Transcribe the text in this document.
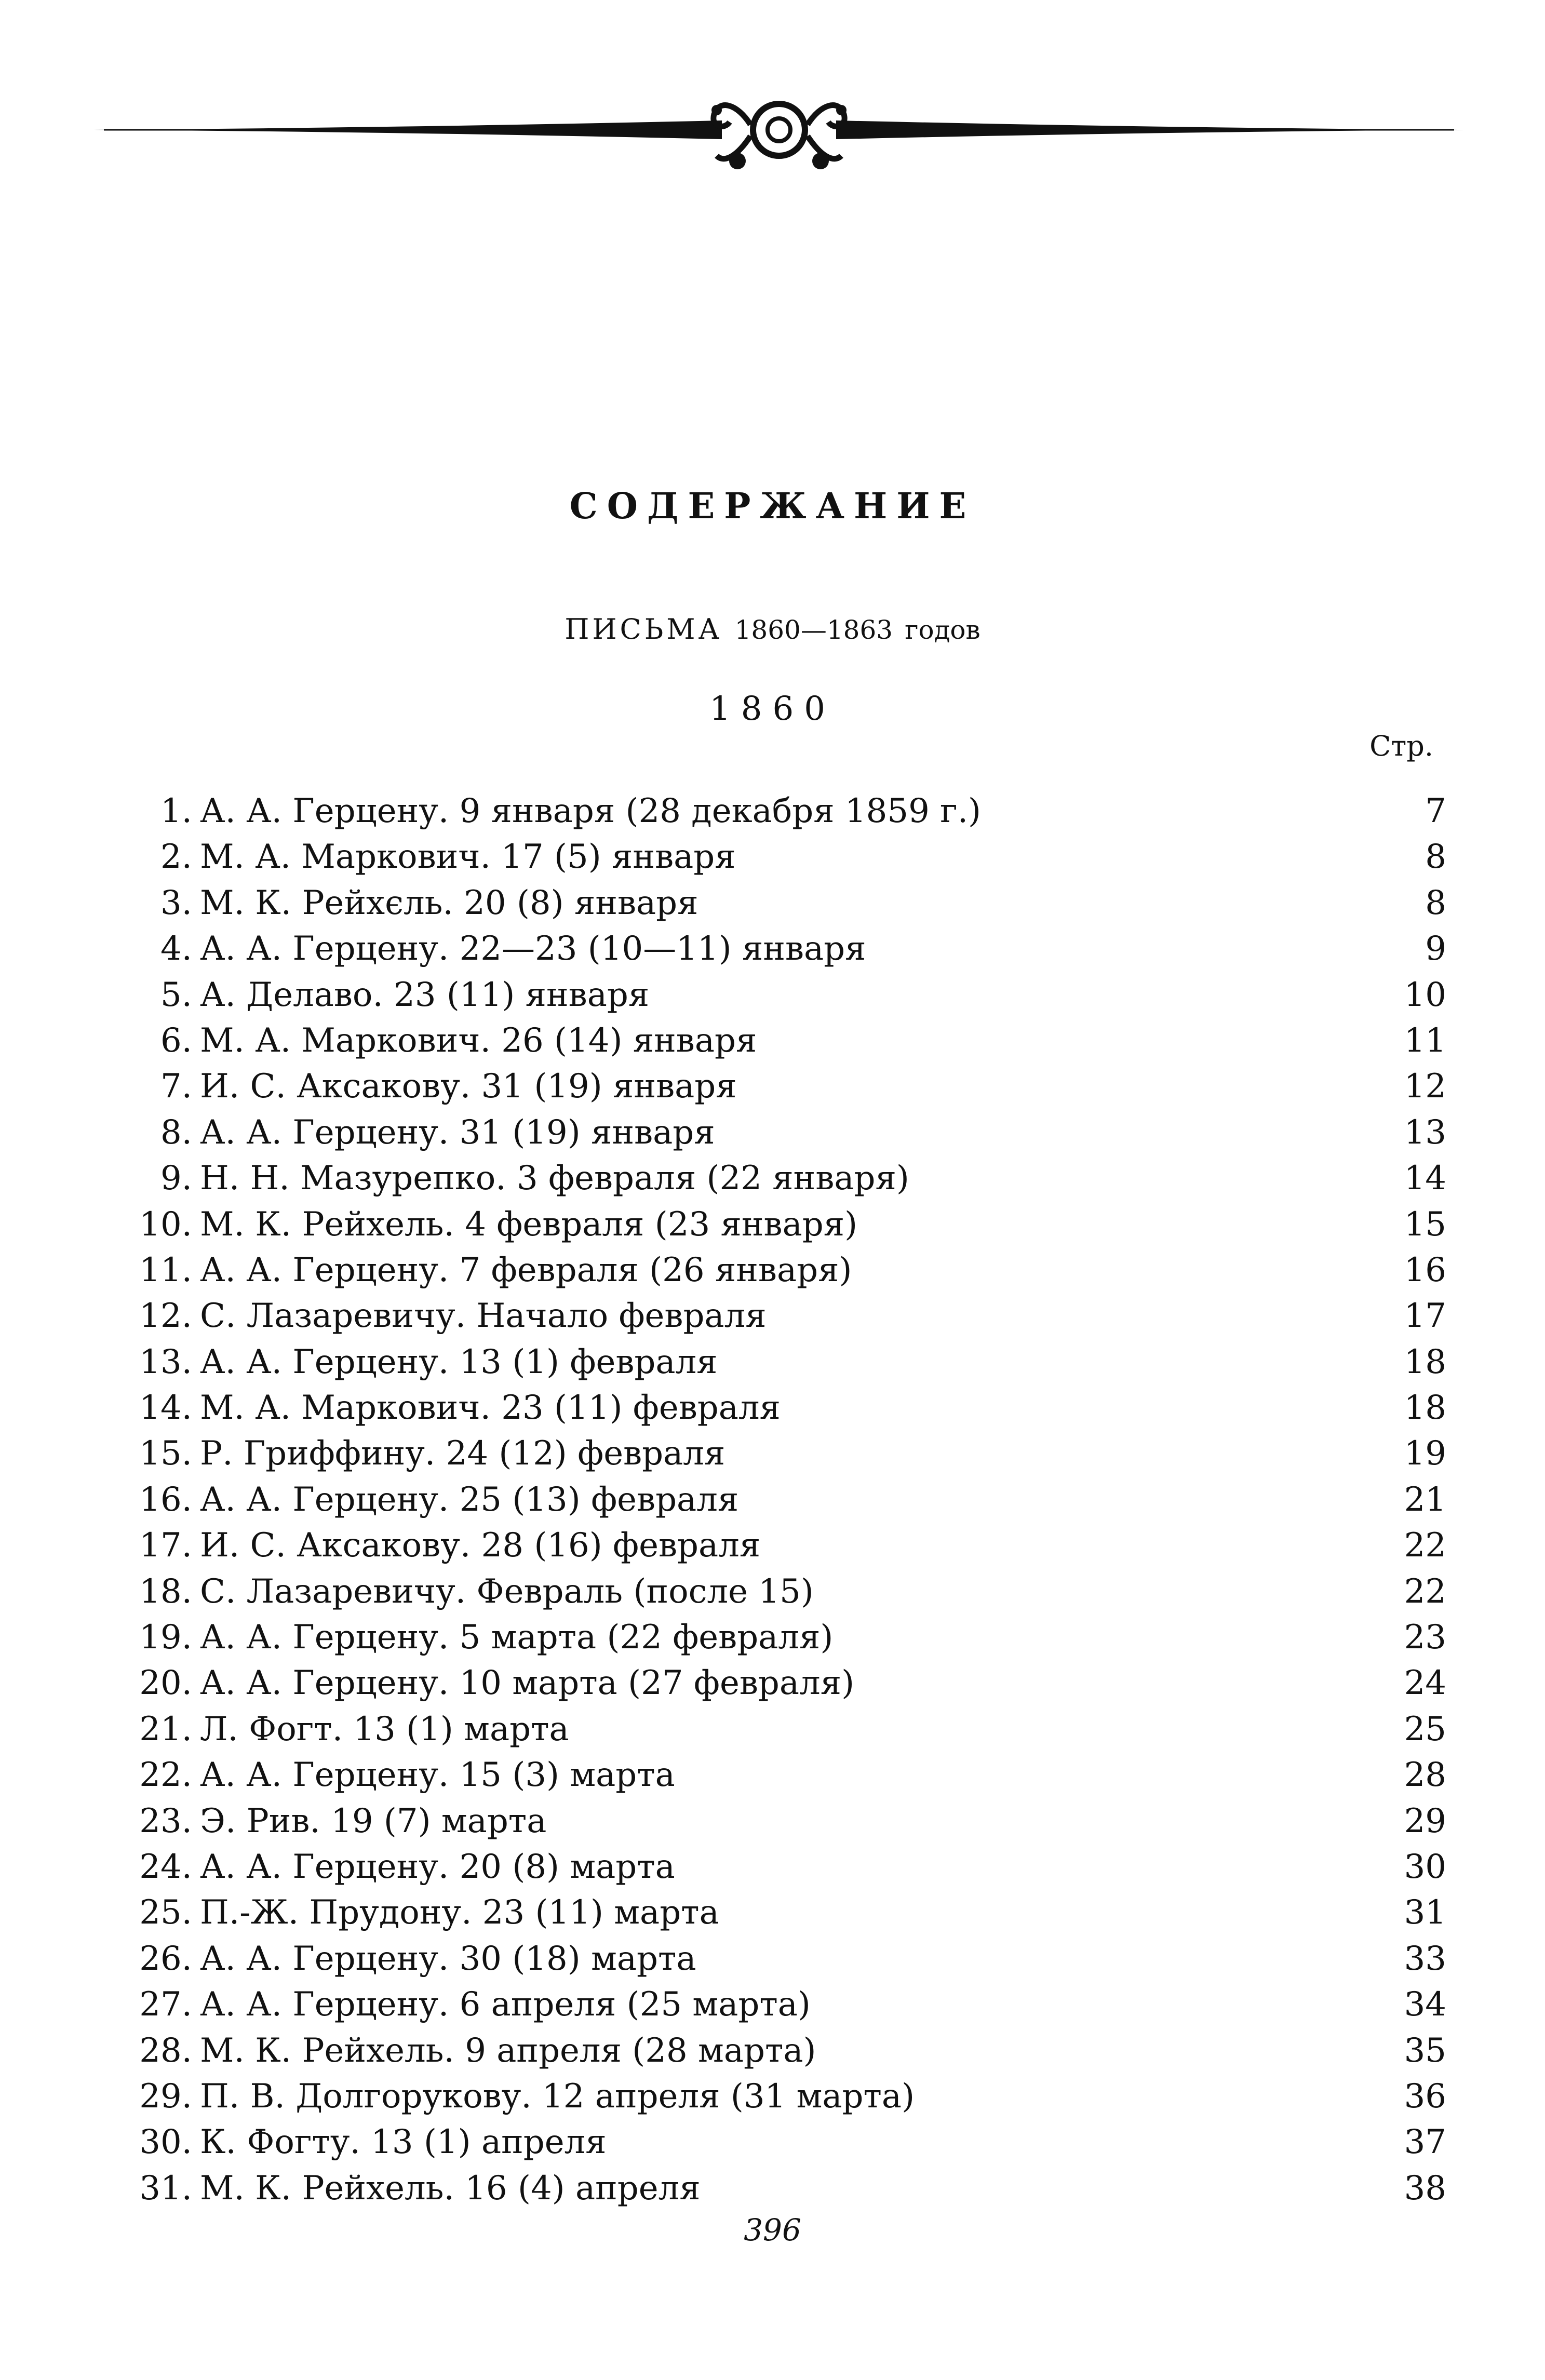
СОДЕРЖАНИЕ
ПИСЬМА 1860—1863 годов
1860
Стр.
1. А. А. Герцену. 9 января (28 декабря 1859 г.) . . .	7
2. М. А. Маркович. 17 (5) января . . .	8
3. М. К. Рейхєль. 20 (8) января . . .	8
4. А. А. Герцену. 22—23 (10—11) января . . .	9
5. А. Делаво. 23 (11) января . . .	10
6. М. А. Маркович. 26 (14) января . . .	11
7. И. С. Аксакову. 31 (19) января . . .	12
8. А. А. Герцену. 31 (19) января . . .	13
9. Н. Н. Мазурепко. 3 февраля (22 января) . . .	14
10. М. К. Рейхель. 4 февраля (23 января) . . .	15
11. А. А. Герцену. 7 февраля (26 января) . . .	16
12. С. Лазаревичу. Начало февраля . . .	17
13. А. А. Герцену. 13 (1) февраля . . .	18
14. М. А. Маркович. 23 (11) февраля . . .	18
15. Р. Гриффину. 24 (12) февраля . . .	19
16. А. А. Герцену. 25 (13) февраля . . .	21
17. И. С. Аксакову. 28 (16) февраля . . .	22
18. С. Лазаревичу. Февраль (после 15) . . .	22
19. А. А. Герцену. 5 марта (22 февраля) . . .	23
20. А. А. Герцену. 10 марта (27 февраля) . . .	24
21. Л. Фогт. 13 (1) марта . . .	25
22. А. А. Герцену. 15 (3) марта . . .	28
23. Э. Рив. 19 (7) марта . . .	29
24. А. А. Герцену. 20 (8) марта . . .	30
25. П.-Ж. Прудону. 23 (11) марта . . .	31
26. А. А. Герцену. 30 (18) марта . . .	33
27. А. А. Герцену. 6 апреля (25 марта) . . .	34
28. М. К. Рейхель. 9 апреля (28 марта) . . .	35
29. П. В. Долгорукову. 12 апреля (31 марта) . . .	36
30. К. Фогту. 13 (1) апреля . . .	37
31. М. К. Рейхель. 16 (4) апреля . . .	38
396
